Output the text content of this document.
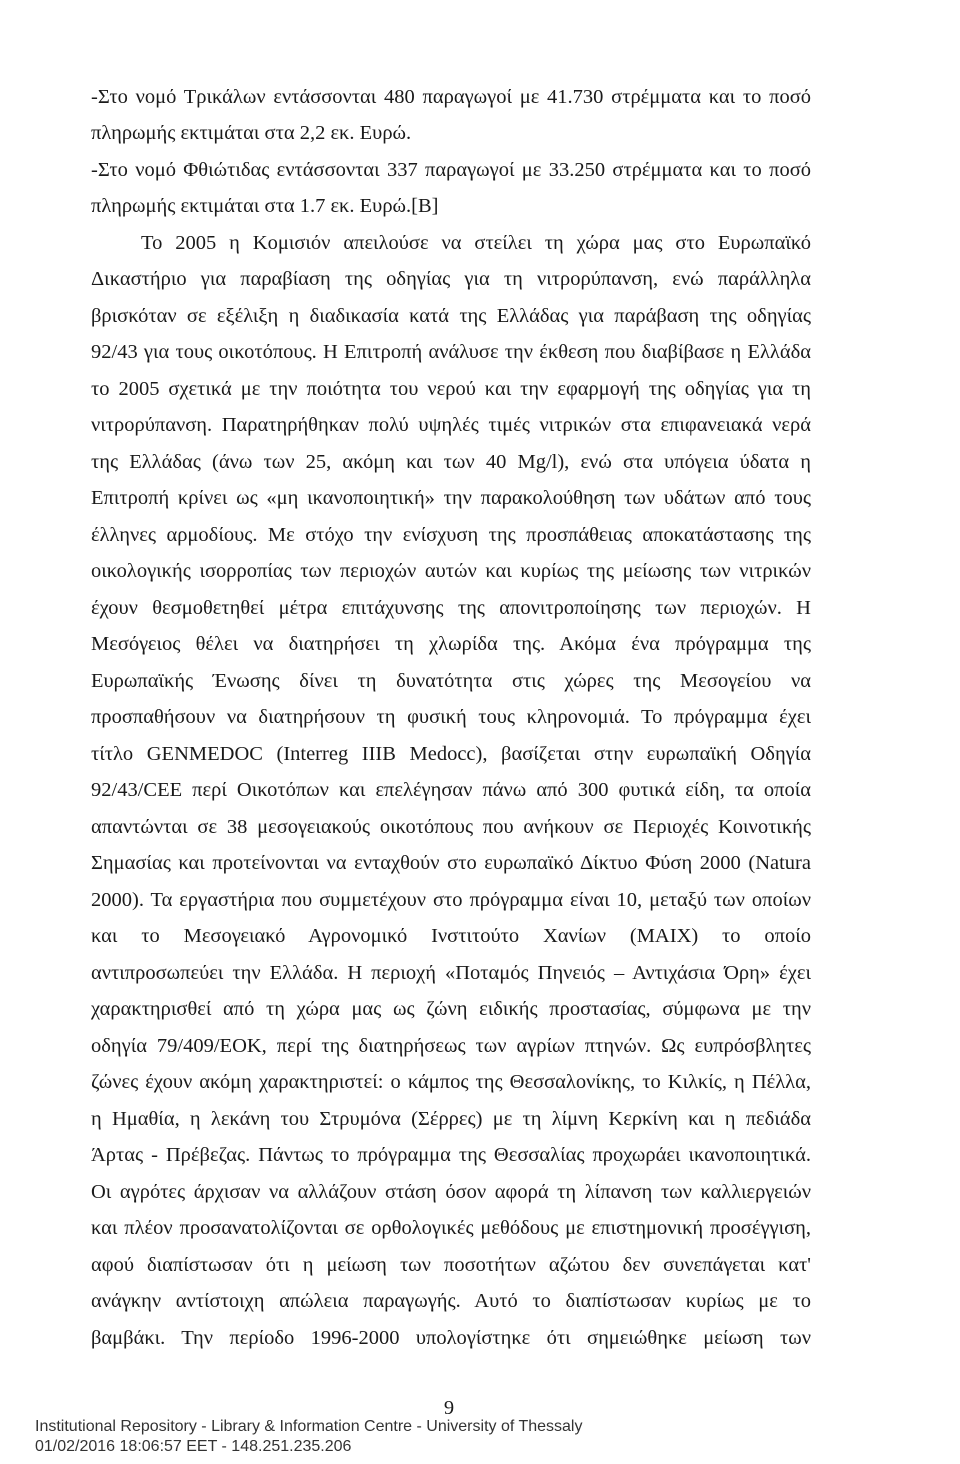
-Στο νομό Τρικάλων εντάσσονται 480 παραγωγοί με 41.730 στρέμματα και το ποσό
πληρωμής εκτιμάται στα 2,2 εκ. Ευρώ.
-Στο νομό Φθιώτιδας εντάσσονται 337 παραγωγοί με 33.250 στρέμματα και το ποσό
πληρωμής εκτιμάται στα 1.7 εκ. Ευρώ.[B]
Το 2005 η Κομισιόν απειλούσε να στείλει τη χώρα μας στο Ευρωπαϊκό
Δικαστήριο για παραβίαση της οδηγίας για τη νιτρορύπανση, ενώ παράλληλα
βρισκόταν σε εξέλιξη η διαδικασία κατά της Ελλάδας για παράβαση της οδηγίας
92/43 για τους οικοτόπους. Η Επιτροπή ανάλυσε την έκθεση που διαβίβασε η Ελλάδα
το 2005 σχετικά με την ποιότητα του νερού και την εφαρμογή της οδηγίας για τη
νιτρορύπανση. Παρατηρήθηκαν πολύ υψηλές τιμές νιτρικών στα επιφανειακά νερά
της Ελλάδας (άνω των 25, ακόμη και των 40 Mg/l), ενώ στα υπόγεια ύδατα η
Επιτροπή κρίνει ως «μη ικανοποιητική» την παρακολούθηση των υδάτων από τους
έλληνες αρμοδίους. Με στόχο την ενίσχυση της προσπάθειας αποκατάστασης της
οικολογικής ισορροπίας των περιοχών αυτών και κυρίως της μείωσης των νιτρικών
έχουν θεσμοθετηθεί μέτρα επιτάχυνσης της απονιτροποίησης των περιοχών. Η
Μεσόγειος θέλει να διατηρήσει τη χλωρίδα της. Ακόμα ένα πρόγραμμα της
Ευρωπαϊκής Ένωσης δίνει τη δυνατότητα στις χώρες της Μεσογείου να
προσπαθήσουν να διατηρήσουν τη φυσική τους κληρονομιά. Το πρόγραμμα έχει
τίτλο GENMEDOC (Interreg IIIB Medocc), βασίζεται στην ευρωπαϊκή Οδηγία
92/43/CEE περί Οικοτόπων και επελέγησαν πάνω από 300 φυτικά είδη, τα οποία
απαντώνται σε 38 μεσογειακούς οικοτόπους που ανήκουν σε Περιοχές Κοινοτικής
Σημασίας και προτείνονται να ενταχθούν στο ευρωπαϊκό Δίκτυο Φύση 2000 (Natura
2000). Τα εργαστήρια που συμμετέχουν στο πρόγραμμα είναι 10, μεταξύ των οποίων
και το Μεσογειακό Αγρονομικό Ινστιτούτο Χανίων (ΜΑΙΧ) το οποίο
αντιπροσωπεύει την Ελλάδα. Η περιοχή «Ποταμός Πηνειός – Αντιχάσια Όρη» έχει
χαρακτηρισθεί από τη χώρα μας ως ζώνη ειδικής προστασίας, σύμφωνα με την
οδηγία 79/409/ΕΟΚ, περί της διατηρήσεως των αγρίων πτηνών. Ως ευπρόσβλητες
ζώνες έχουν ακόμη χαρακτηριστεί: ο κάμπος της Θεσσαλονίκης, το Κιλκίς, η Πέλλα,
η Ημαθία, η λεκάνη του Στρυμόνα (Σέρρες) με τη λίμνη Κερκίνη και η πεδιάδα
Άρτας - Πρέβεζας. Πάντως το πρόγραμμα της Θεσσαλίας προχωράει ικανοποιητικά.
Οι αγρότες άρχισαν να αλλάζουν στάση όσον αφορά τη λίπανση των καλλιεργειών
και πλέον προσανατολίζονται σε ορθολογικές μεθόδους με επιστημονική προσέγγιση,
αφού διαπίστωσαν ότι η μείωση των ποσοτήτων αζώτου δεν συνεπάγεται κατ'
ανάγκην αντίστοιχη απώλεια παραγωγής. Αυτό το διαπίστωσαν κυρίως με το
βαμβάκι. Την περίοδο 1996-2000 υπολογίστηκε ότι σημειώθηκε μείωση των
9
Institutional Repository - Library & Information Centre - University of Thessaly
01/02/2016 18:06:57 EET - 148.251.235.206
